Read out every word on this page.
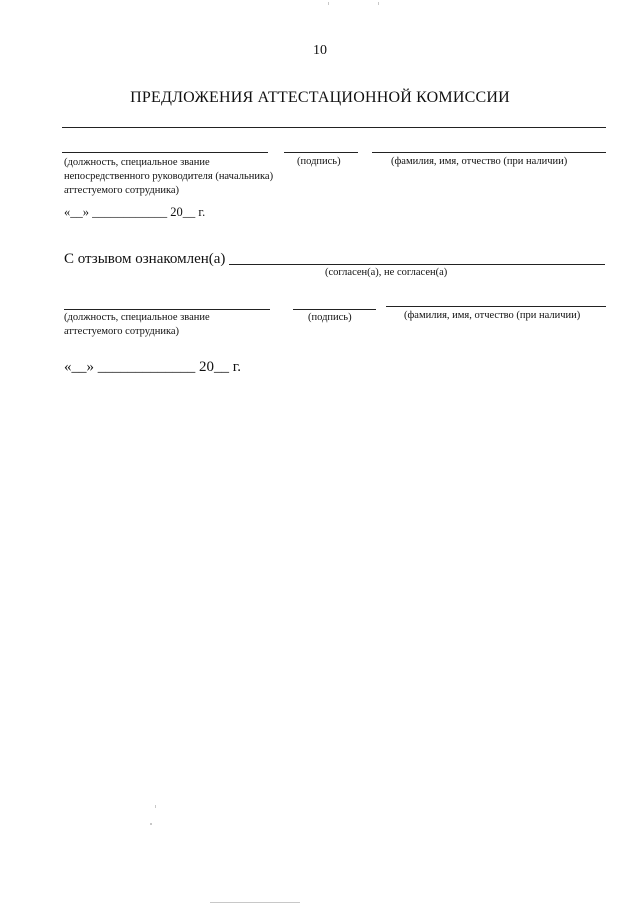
10
ПРЕДЛОЖЕНИЯ АТТЕСТАЦИОННОЙ КОМИССИИ
(должность, специальное звание непосредственного руководителя (начальника) аттестуемого сотрудника)
(подпись)	(фамилия, имя, отчество (при наличии)
«__» ____________ 20__ г.
С отзывом ознакомлен(а)
(согласен(а), не согласен(а)
(должность, специальное звание аттестуемого сотрудника)
(подпись)	(фамилия, имя, отчество (при наличии)
«__» _____________ 20__ г.
